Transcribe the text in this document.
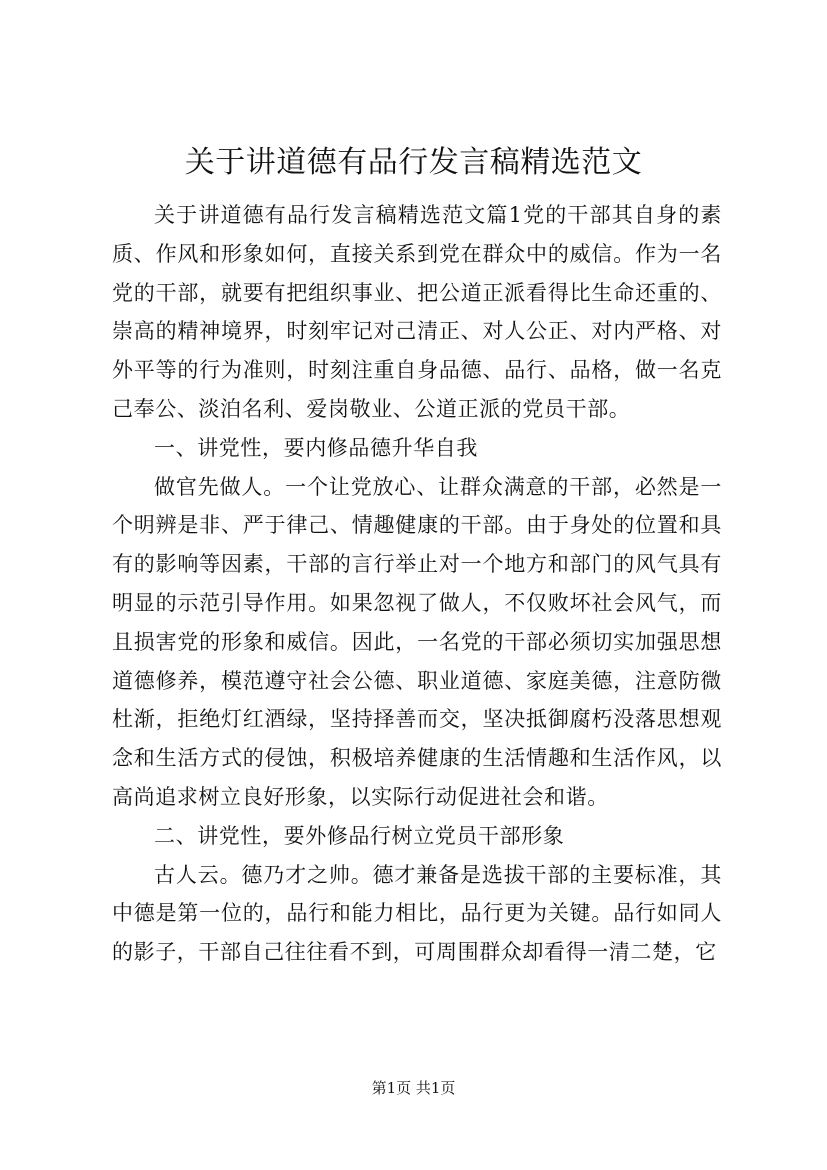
关于讲道德有品行发言稿精选范文

关于讲道德有品行发言稿精选范文篇1党的干部其自身的素质、作风和形象如何，直接关系到党在群众中的威信。作为一名党的干部，就要有把组织事业、把公道正派看得比生命还重的、崇高的精神境界，时刻牢记对己清正、对人公正、对内严格、对外平等的行为准则，时刻注重自身品德、品行、品格，做一名克己奉公、淡泊名利、爱岗敬业、公道正派的党员干部。

一、讲党性，要内修品德升华自我

做官先做人。一个让党放心、让群众满意的干部，必然是一个明辨是非、严于律己、情趣健康的干部。由于身处的位置和具有的影响等因素，干部的言行举止对一个地方和部门的风气具有明显的示范引导作用。如果忽视了做人，不仅败坏社会风气，而且损害党的形象和威信。因此，一名党的干部必须切实加强思想道德修养，模范遵守社会公德、职业道德、家庭美德，注意防微杜渐，拒绝灯红酒绿，坚持择善而交，坚决抵御腐朽没落思想观念和生活方式的侵蚀，积极培养健康的生活情趣和生活作风，以高尚追求树立良好形象，以实际行动促进社会和谐。

二、讲党性，要外修品行树立党员干部形象

古人云。德乃才之帅。德才兼备是选拔干部的主要标准，其中德是第一位的，品行和能力相比，品行更为关键。品行如同人的影子，干部自己往往看不到，可周围群众却看得一清二楚，它

第1页 共1页
